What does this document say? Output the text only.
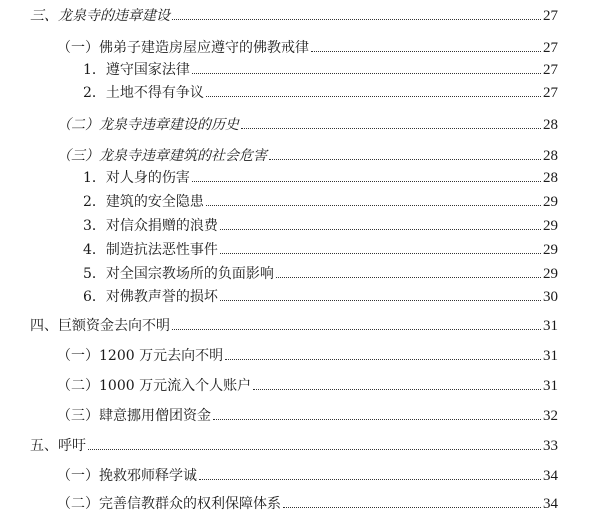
三、龙泉寺的违章建设	27
（一）佛弟子建造房屋应遵守的佛教戒律	27
1．遵守国家法律	27
2．土地不得有争议	27
（二）龙泉寺违章建设的历史	28
（三）龙泉寺违章建筑的社会危害	28
1．对人身的伤害	28
2．建筑的安全隐患	29
3．对信众捐赠的浪费	29
4．制造抗法恶性事件	29
5．对全国宗教场所的负面影响	29
6．对佛教声誉的损坏	30
四、巨额资金去向不明	31
（一）1200 万元去向不明	31
（二）1000 万元流入个人账户	31
（三）肆意挪用僧团资金	32
五、呼吁	33
（一）挽救邪师释学诚	34
（二）完善信教群众的权利保障体系	34
